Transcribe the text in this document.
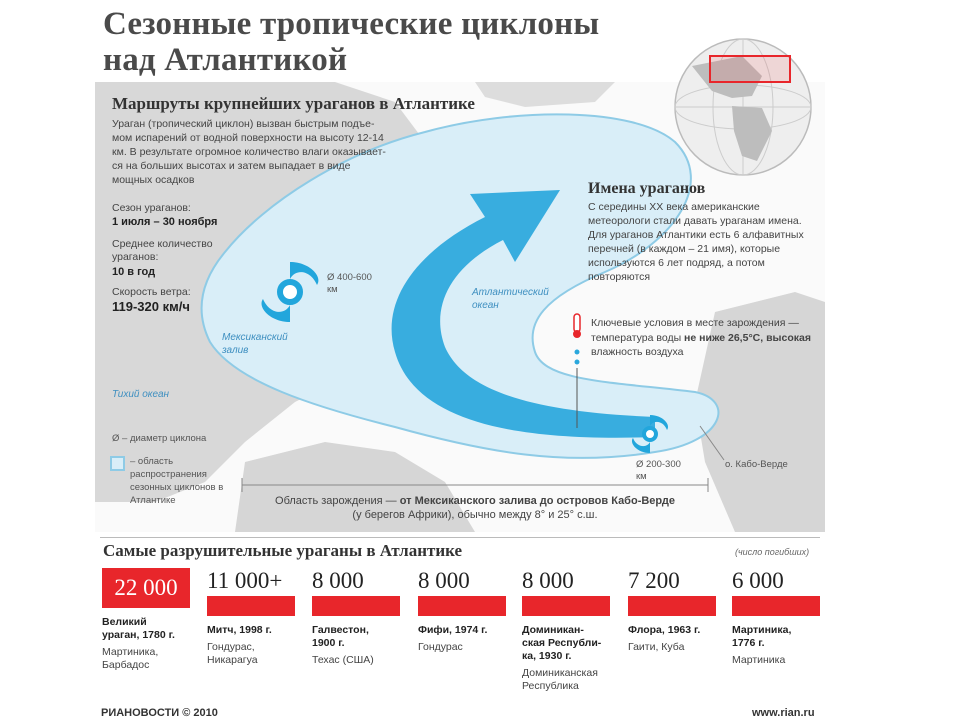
Сезонные тропические циклоны
над Атлантикой
Маршруты крупнейших ураганов в Атлантике
Ураган (тропический циклон) вызван быстрым подъе-мом испарений от водной поверхности на высоту 12-14 км. В результате огромное количество влаги оказывает-ся на больших высотах и затем выпадает в виде мощных осадков
Сезон ураганов:
1 июля – 30 ноября
Среднее количество ураганов:
10 в год
Скорость ветра:
119-320 км/ч
Мексиканский залив
Атлантический океан
Тихий океан
Ø 400-600 км
Ø 200-300 км
о. Кабо-Верде
Ø – диаметр циклона
– область распространения сезонных циклонов в Атлантике
Имена ураганов
С середины XX века американские метеорологи стали давать ураганам имена. Для ураганов Атлантики есть 6 алфавитных перечней (в каждом – 21 имя), которые используются 6 лет подряд, а потом повторяются
Ключевые условия в месте зарождения — температура воды не ниже 26,5°С, высокая влажность воздуха
Область зарождения — от Мексиканского залива до островов Кабо-Верде
(у берегов Африки), обычно между 8° и 25° с.ш.
Самые разрушительные ураганы в Атлантике	(число погибших)
22 000
Великий ураган, 1780 г.
Мартиника, Барбадос
11 000+
Митч, 1998 г.
Гондурас, Никарагуа
8 000
Галвестон, 1900 г.
Техас (США)
8 000
Фифи, 1974 г.
Гондурас
8 000
Доминикан-ская Республи-ка, 1930 г.
Доминиканская Республика
7 200
Флора, 1963 г.
Гаити, Куба
6 000
Мартиника, 1776 г.
Мартиника
РИАНОВОСТИ © 2010	www.rian.ru
